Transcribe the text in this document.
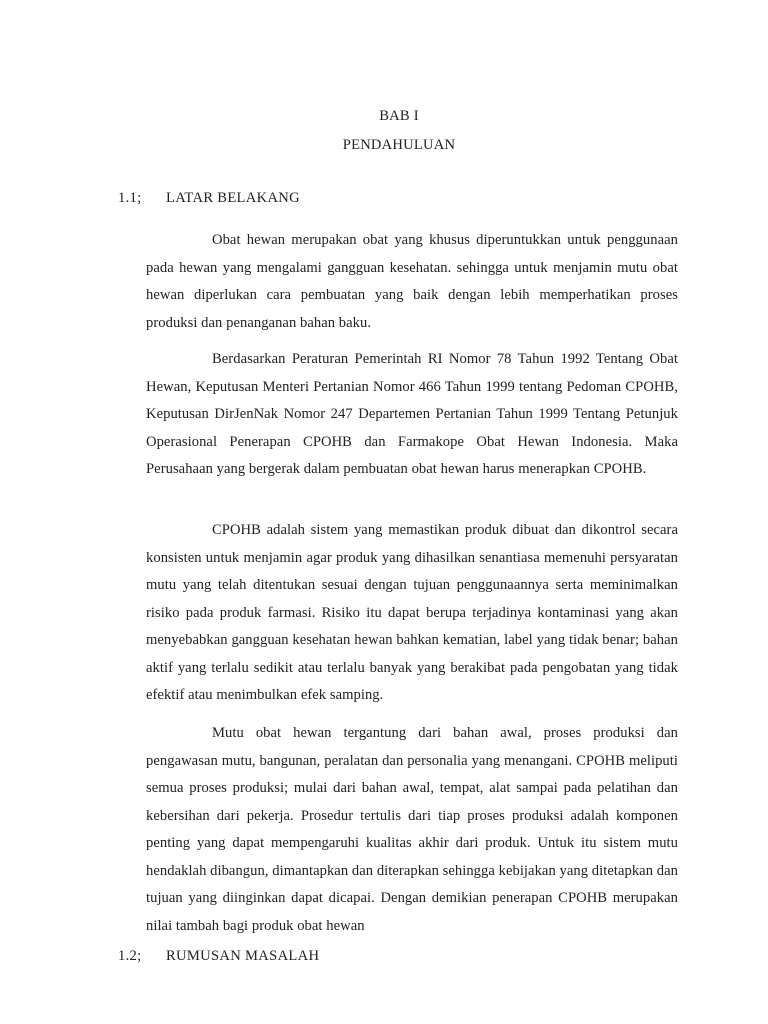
BAB I
PENDAHULUAN
1.1; LATAR BELAKANG

Obat hewan merupakan obat yang khusus diperuntukkan untuk penggunaan pada hewan yang mengalami gangguan kesehatan. sehingga untuk menjamin mutu obat hewan diperlukan cara pembuatan yang baik dengan lebih memperhatikan proses produksi dan penanganan bahan baku.

Berdasarkan Peraturan Pemerintah RI Nomor 78 Tahun 1992 Tentang Obat Hewan, Keputusan Menteri Pertanian Nomor 466 Tahun 1999 tentang Pedoman CPOHB, Keputusan DirJenNak Nomor 247 Departemen Pertanian Tahun 1999 Tentang Petunjuk Operasional Penerapan CPOHB dan Farmakope Obat Hewan Indonesia. Maka Perusahaan yang bergerak dalam pembuatan obat hewan harus menerapkan CPOHB.

CPOHB adalah sistem yang memastikan produk dibuat dan dikontrol secara konsisten untuk menjamin agar produk yang dihasilkan senantiasa memenuhi persyaratan mutu yang telah ditentukan sesuai dengan tujuan penggunaannya serta meminimalkan risiko pada produk farmasi. Risiko itu dapat berupa terjadinya kontaminasi yang akan menyebabkan gangguan kesehatan hewan bahkan kematian, label yang tidak benar; bahan aktif yang terlalu sedikit atau terlalu banyak yang berakibat pada pengobatan yang tidak efektif atau menimbulkan efek samping.

Mutu obat hewan tergantung dari bahan awal, proses produksi dan pengawasan mutu, bangunan, peralatan dan personalia yang menangani. CPOHB meliputi semua proses produksi; mulai dari bahan awal, tempat, alat sampai pada pelatihan dan kebersihan dari pekerja. Prosedur tertulis dari tiap proses produksi adalah komponen penting yang dapat mempengaruhi kualitas akhir dari produk. Untuk itu sistem mutu hendaklah dibangun, dimantapkan dan diterapkan sehingga kebijakan yang ditetapkan dan tujuan yang diinginkan dapat dicapai. Dengan demikian penerapan CPOHB merupakan nilai tambah bagi produk obat hewan

1.2; RUMUSAN MASALAH
